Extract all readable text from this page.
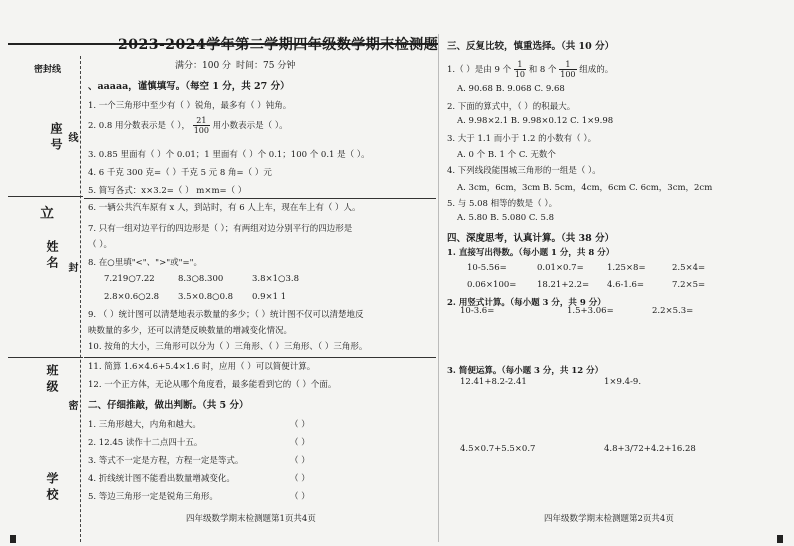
密封线
座 号 线
立
姓 名 封
班 级
密
学 校
2023-2024学年第二学期四年级数学期末检测题
满分：100 分 时间：75 分钟
、aaaaa，谨慎填写。（每空 1 分，共 27 分）
1. 一个三角形中至少有（ ）锐角，最多有（ ）钝角。
2. 0.8 用分数表示是（ ）， $\frac{21}{100}$ 用小数表示是（ ）。
3. 0.85 里面有（ ）个 0.01；1 里面有（ ）个 0.1；100 个 0.1 是（ ）。
4. 6 千克 300 克=（ ）千克 5 元 8 角=（ ）元
5. 简写各式：x×3.2=（ ） m×m=（ ）
6. 一辆公共汽车原有 x 人，到站时，有 6 人上车，现在车上有（ ）人。
7. 只有一组对边平行的四边形是（ ）；有两组对边分别平行的四边形是
（ ）。
8. 在○里填"<"、">"或"="。
7.219○7.22	8.3○8.300	3.8×1○3.8
2.8×0.6○2.8 3.5×0.8○0.8 0.9×1 1
9. （ ）统计图可以清楚地表示数量的多少；（ ）统计图不仅可以清楚地反
映数量的多少，还可以清楚反映数量的增减变化情况。
10. 按角的大小，三角形可以分为（ ）三角形、（ ）三角形、（ ）三角形。
11. 简算 1.6×4.6+5.4×1.6 时，应用（ ）可以简便计算。
12. 一个正方体，无论从哪个角度看，最多能看到它的（ ）个面。
二、仔细推敲，做出判断。（共 5 分）
1. 三角形越大，内角和越大。	（ ）
2. 12.45 读作十二点四十五。	（ ）
3. 等式不一定是方程，方程一定是等式。	（ ）
4. 折线统计图不能看出数量增减变化。	（ ）
5. 等边三角形一定是锐角三角形。	（ ）
四年级数学期末检测题第1页共4页
三、反复比较，慎重选择。（共 10 分）
1.（ ）是由 9 个 $\frac{1}{10}$ 和 8 个 $\frac{1}{100}$ 组成的。
A. 90.68 B. 9.068 C. 9.68
2. 下面的算式中，（ ）的积最大。
A. 9.98×2.1 B. 9.98×0.12 C. 1×9.98
3. 大于 1.1 而小于 1.2 的小数有（ ）。
A. 0 个 B. 1 个 C. 无数个
4. 下列线段能围城三角形的一组是（ ）。
A. 3cm，6cm，3cm B. 5cm，4cm，6cm C. 6cm，3cm，2cm
5. 与 5.08 相等的数是（ ）。
A. 5.80 B. 5.080 C. 5.8
四、深度思考，认真计算。（共 38 分）
1. 直接写出得数。（每小题 1 分，共 8 分）
10-5.56=	0.01×0.7=	1.25×8=	2.5×4=
0.06×100= 18.21+2.2= 4.6-1.6=	7.2×5=
2. 用竖式计算。（每小题 3 分，共 9 分）
10-3.6=	1.5+3.06=	2.2×5.3=
3. 简便运算。（每小题 3 分，共 12 分）
12.41+8.2-2.41	1×9.4-9.
4.5×0.7+5.5×0.7	4.8+3/72+4.2+16.28
四年级数学期末检测题第2页共4页
